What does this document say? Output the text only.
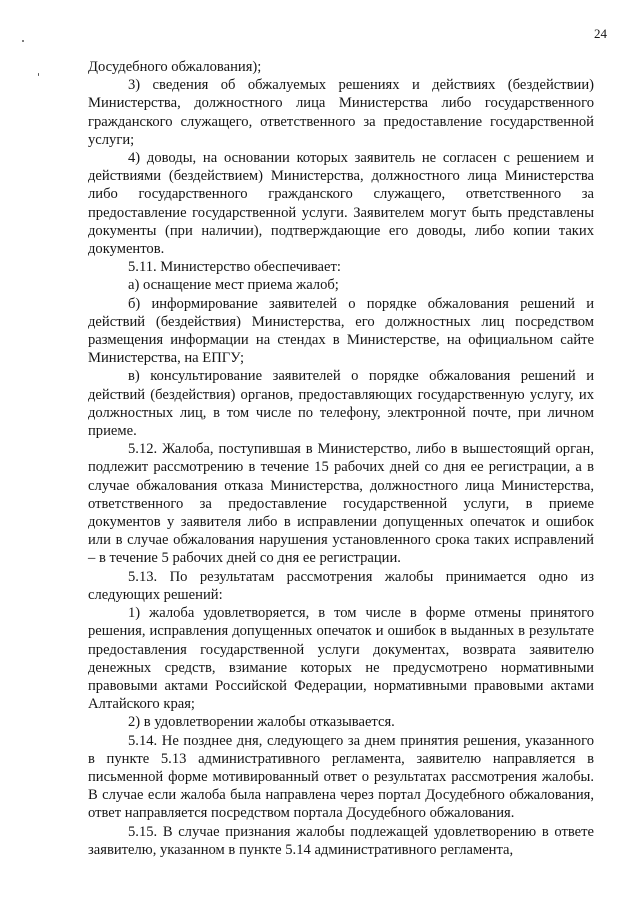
24

Досудебного обжалования);

3) сведения об обжалуемых решениях и действиях (бездействии) Министерства, должностного лица Министерства либо государственного гражданского служащего, ответственного за предоставление государственной услуги;

4) доводы, на основании которых заявитель не согласен с решением и действиями (бездействием) Министерства, должностного лица Министерства либо государственного гражданского служащего, ответственного за предоставление государственной услуги. Заявителем могут быть представлены документы (при наличии), подтверждающие его доводы, либо копии таких документов.

5.11. Министерство обеспечивает:

а) оснащение мест приема жалоб;

б) информирование заявителей о порядке обжалования решений и действий (бездействия) Министерства, его должностных лиц посредством размещения информации на стендах в Министерстве, на официальном сайте Министерства, на ЕПГУ;

в) консультирование заявителей о порядке обжалования решений и действий (бездействия) органов, предоставляющих государственную услугу, их должностных лиц, в том числе по телефону, электронной почте, при личном приеме.

5.12. Жалоба, поступившая в Министерство, либо в вышестоящий орган, подлежит рассмотрению в течение 15 рабочих дней со дня ее регистрации, а в случае обжалования отказа Министерства, должностного лица Министерства, ответственного за предоставление государственной услуги, в приеме документов у заявителя либо в исправлении допущенных опечаток и ошибок или в случае обжалования нарушения установленного срока таких исправлений – в течение 5 рабочих дней со дня ее регистрации.

5.13. По результатам рассмотрения жалобы принимается одно из следующих решений:

1) жалоба удовлетворяется, в том числе в форме отмены принятого решения, исправления допущенных опечаток и ошибок в выданных в результате предоставления государственной услуги документах, возврата заявителю денежных средств, взимание которых не предусмотрено нормативными правовыми актами Российской Федерации, нормативными правовыми актами Алтайского края;

2) в удовлетворении жалобы отказывается.

5.14. Не позднее дня, следующего за днем принятия решения, указанного в пункте 5.13 административного регламента, заявителю направляется в письменной форме мотивированный ответ о результатах рассмотрения жалобы. В случае если жалоба была направлена через портал Досудебного обжалования, ответ направляется посредством портала Досудебного обжалования.

5.15. В случае признания жалобы подлежащей удовлетворению в ответе заявителю, указанном в пункте 5.14 административного регламента,
